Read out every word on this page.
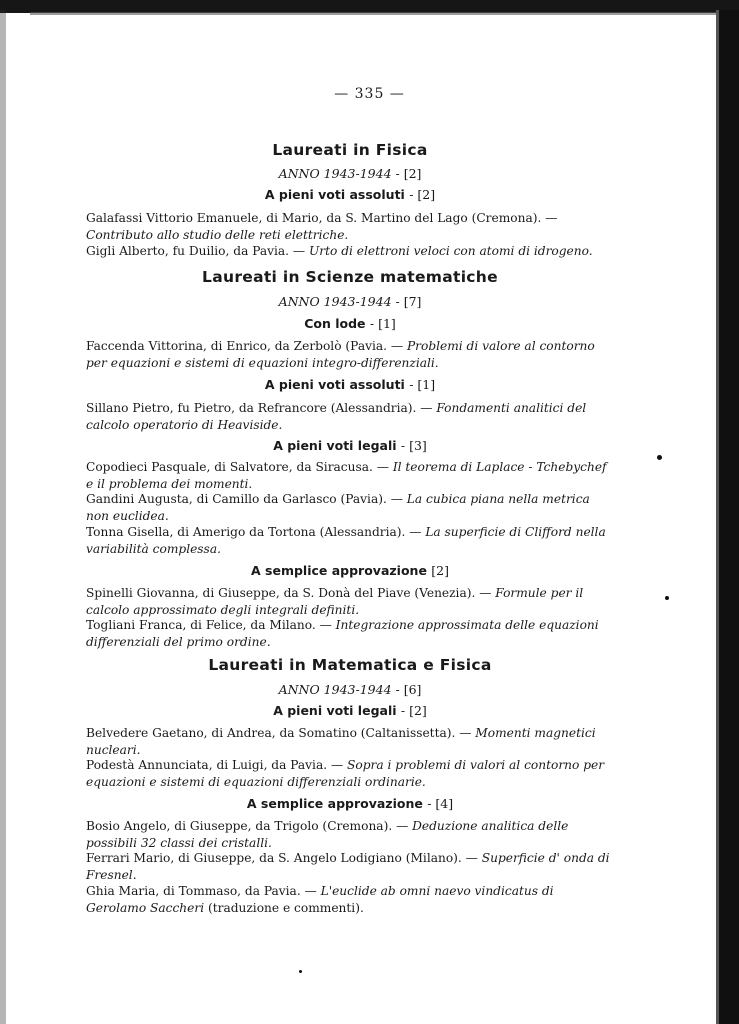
— 335 —
Laureati in Fisica
ANNO 1943-1944 - [2]
A pieni voti assoluti - [2]
Galafassi Vittorio Emanuele, di Mario, da S. Martino del Lago (Cremona). — Contributo allo studio delle reti elettriche.
Gigli Alberto, fu Duilio, da Pavia. — Urto di elettroni veloci con atomi di idrogeno.
Laureati in Scienze matematiche
ANNO 1943-1944 - [7]
Con lode - [1]
Faccenda Vittorina, di Enrico, da Zerbolò (Pavia. — Problemi di valore al contorno per equazioni e sistemi di equazioni integro-differenziali.
A pieni voti assoluti - [1]
Sillano Pietro, fu Pietro, da Refrancore (Alessandria). — Fondamenti analitici del calcolo operatorio di Heaviside.
A pieni voti legali - [3]
Copodieci Pasquale, di Salvatore, da Siracusa. — Il teorema di Laplace - Tchebychef e il problema dei momenti.
Gandini Augusta, di Camillo da Garlasco (Pavia). — La cubica piana nella metrica non euclidea.
Tonna Gisella, di Amerigo da Tortona (Alessandria). — La superficie di Clifford nella variabilità complessa.
A semplice approvazione [2]
Spinelli Giovanna, di Giuseppe, da S. Donà del Piave (Venezia). — Formule per il calcolo approssimato degli integrali definiti.
Togliani Franca, di Felice, da Milano. — Integrazione approssimata delle equazioni differenziali del primo ordine.
Laureati in Matematica e Fisica
ANNO 1943-1944 - [6]
A pieni voti legali - [2]
Belvedere Gaetano, di Andrea, da Somatino (Caltanissetta). — Momenti magnetici nucleari.
Podestà Annunciata, di Luigi, da Pavia. — Sopra i problemi di valori al contorno per equazioni e sistemi di equazioni differenziali ordinarie.
A semplice approvazione - [4]
Bosio Angelo, di Giuseppe, da Trigolo (Cremona). — Deduzione analitica delle possibili 32 classi dei cristalli.
Ferrari Mario, di Giuseppe, da S. Angelo Lodigiano (Milano). — Superficie d' onda di Fresnel.
Ghia Maria, di Tommaso, da Pavia. — L'euclide ab omni naevo vindicatus di Gerolamo Saccheri (traduzione e commenti).
